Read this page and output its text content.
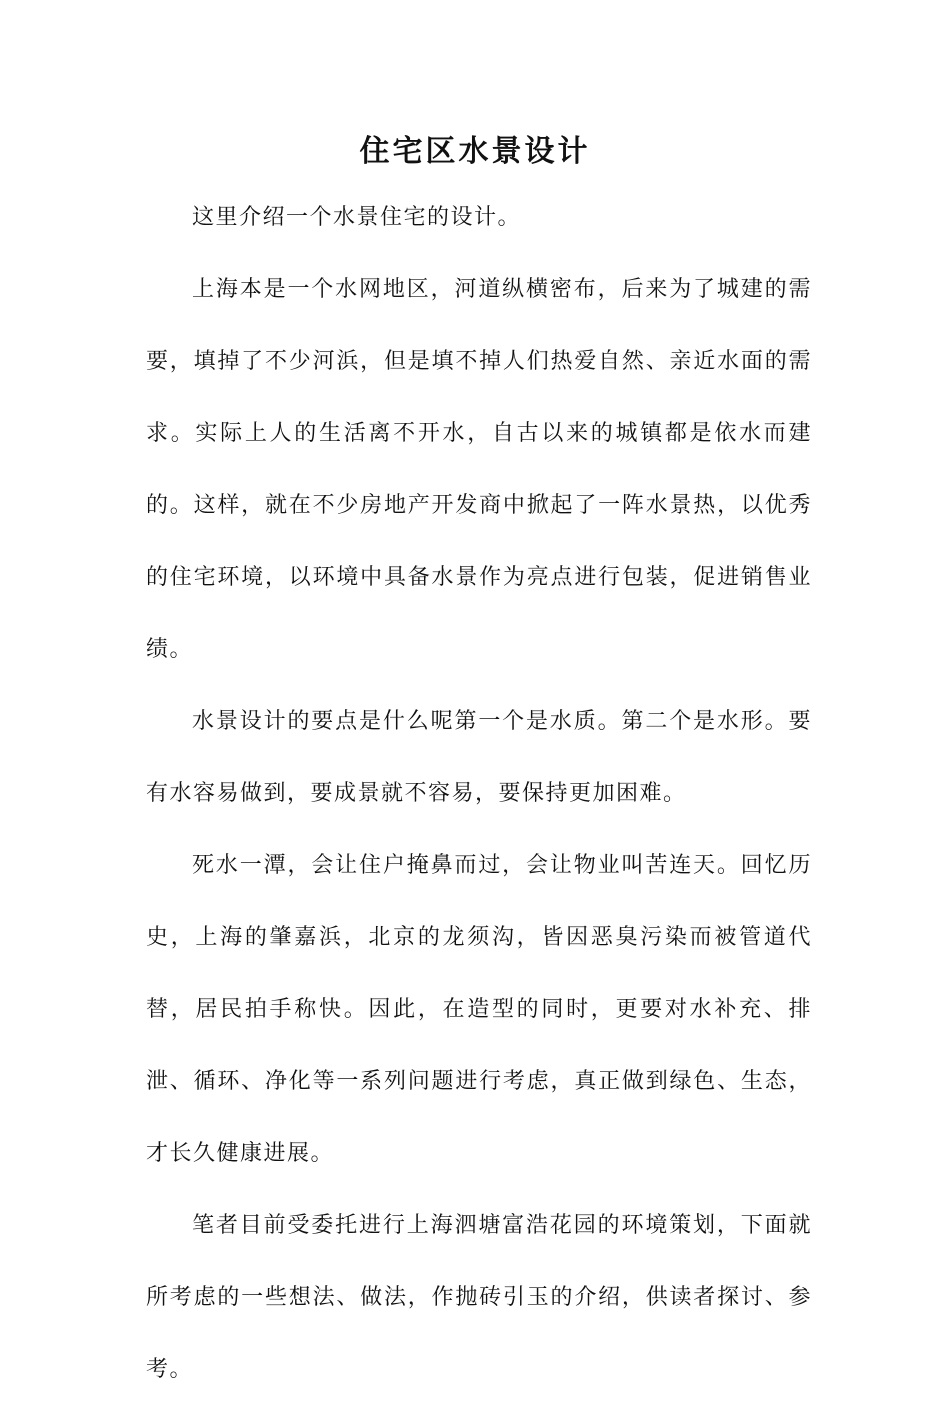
住宅区水景设计

这里介绍一个水景住宅的设计。

上海本是一个水网地区，河道纵横密布，后来为了城建的需要，填掉了不少河浜，但是填不掉人们热爱自然、亲近水面的需求。实际上人的生活离不开水，自古以来的城镇都是依水而建的。这样，就在不少房地产开发商中掀起了一阵水景热，以优秀的住宅环境，以环境中具备水景作为亮点进行包装，促进销售业绩。

水景设计的要点是什么呢第一个是水质。第二个是水形。要有水容易做到，要成景就不容易，要保持更加困难。

死水一潭，会让住户掩鼻而过，会让物业叫苦连天。回忆历史，上海的肇嘉浜，北京的龙须沟，皆因恶臭污染而被管道代替，居民拍手称快。因此，在造型的同时，更要对水补充、排泄、循环、净化等一系列问题进行考虑，真正做到绿色、生态，才长久健康进展。

笔者目前受委托进行上海泗塘富浩花园的环境策划，下面就所考虑的一些想法、做法，作抛砖引玉的介绍，供读者探讨、参考。
